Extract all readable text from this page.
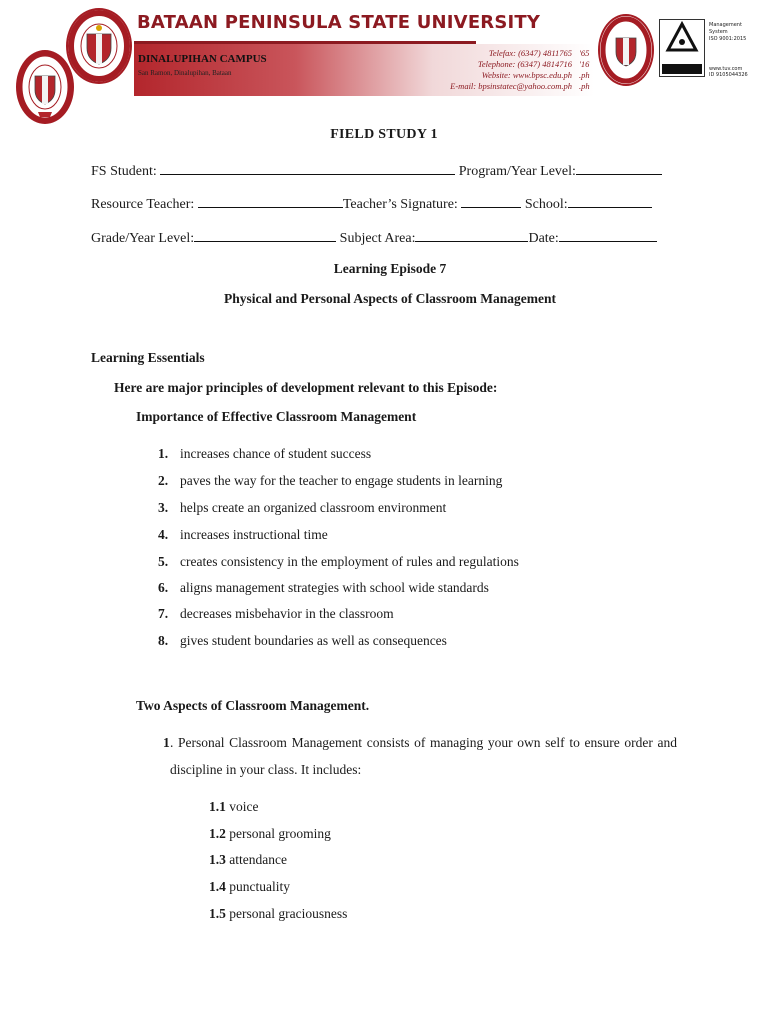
BATAAN PENINSULA STATE UNIVERSITY
DINALUPIHAN CAMPUS
San Ramon, Dinalupihan, Bataan
Telefax: (6347) 4811765
Telephone: (6347) 4814716
Website: www.bpsc.edu.ph
E-mail: bpsinstatec@yahoo.com.ph
'65
'16
.ph
.ph
Management
System
ISO 9001:2015
www.tuv.com
ID 9105044326
FIELD STUDY 1
FS Student:	Program/Year Level:
Resource Teacher:	Teacher’s Signature:	School:
Grade/Year Level:	Subject Area:	Date:
Learning Episode 7
Physical and Personal Aspects of Classroom Management
Learning Essentials
Here are major principles of development relevant to this Episode:
Importance of Effective Classroom Management
1. increases chance of student success
2. paves the way for the teacher to engage students in learning
3. helps create an organized classroom environment
4. increases instructional time
5. creates consistency in the employment of rules and regulations
6. aligns management strategies with school wide standards
7. decreases misbehavior in the classroom
8. gives student boundaries as well as consequences
Two Aspects of Classroom Management.
1 . Personal Classroom Management consists of managing your own self to ensure order and discipline in your class. It includes:
1.1 voice
1.2 personal grooming
1.3 attendance
1.4 punctuality
1.5 personal graciousness
